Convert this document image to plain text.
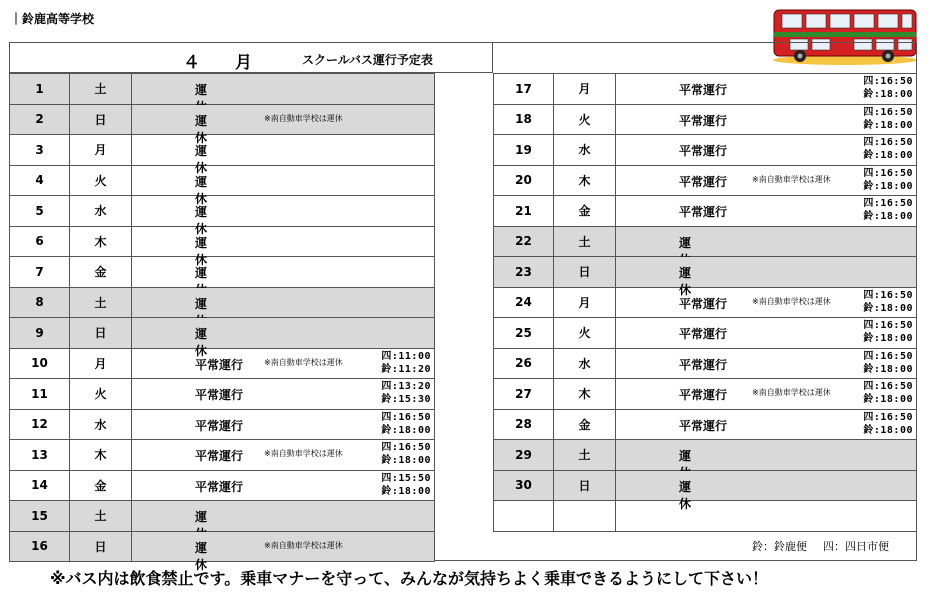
｜鈴鹿高等学校
４ 月	スクールバス運行予定表
1	土	運

2	日	運休
※南自動車学校は運休

3	月	運休

4	火	運休

5	水	運休

6	木	運休

7	金	運

8	土	運

9	日	運休

10	月	平常運行 ※南自動車学校は運休
四:11:00
鈴:11:20

11	火	平常運行
四:13:20
鈴:15:30

12	水	平常運行
四:16:50
鈴:18:00

13	木	平常運行 ※南自動車学校は運休
四:16:50
鈴:18:00

14	金	平常運行
四:15:50
鈴:18:00

15	土	運

16	日	運休
※南自動車学校は運休
17	月	平常運行
四:16:50
鈴:18:00

18	火	平常運行
四:16:50
鈴:18:00

19	水	平常運行
四:16:50
鈴:18:00

20	木	平常運行 ※南自動車学校は運休
四:16:50
鈴:18:00

21	金	平常運行
四:16:50
鈴:18:00

22	土	運

23	日	運休

24	月	平常運行 ※南自動車学校は運休
四:16:50
鈴:18:00

25	火	平常運行
四:16:50
鈴:18:00

26	水	平常運行
四:16:50
鈴:18:00

27	木	平常運行 ※南自動車学校は運休
四:16:50
鈴:18:00

28	金	平常運行
四:16:50
鈴:18:00

29	土	運

30	日	運休

鈴：鈴鹿便 四：四日市便
※バス内は飲食禁止です。乗車マナーを守って、みんなが気持ちよく乗車できるようにして下さい！
